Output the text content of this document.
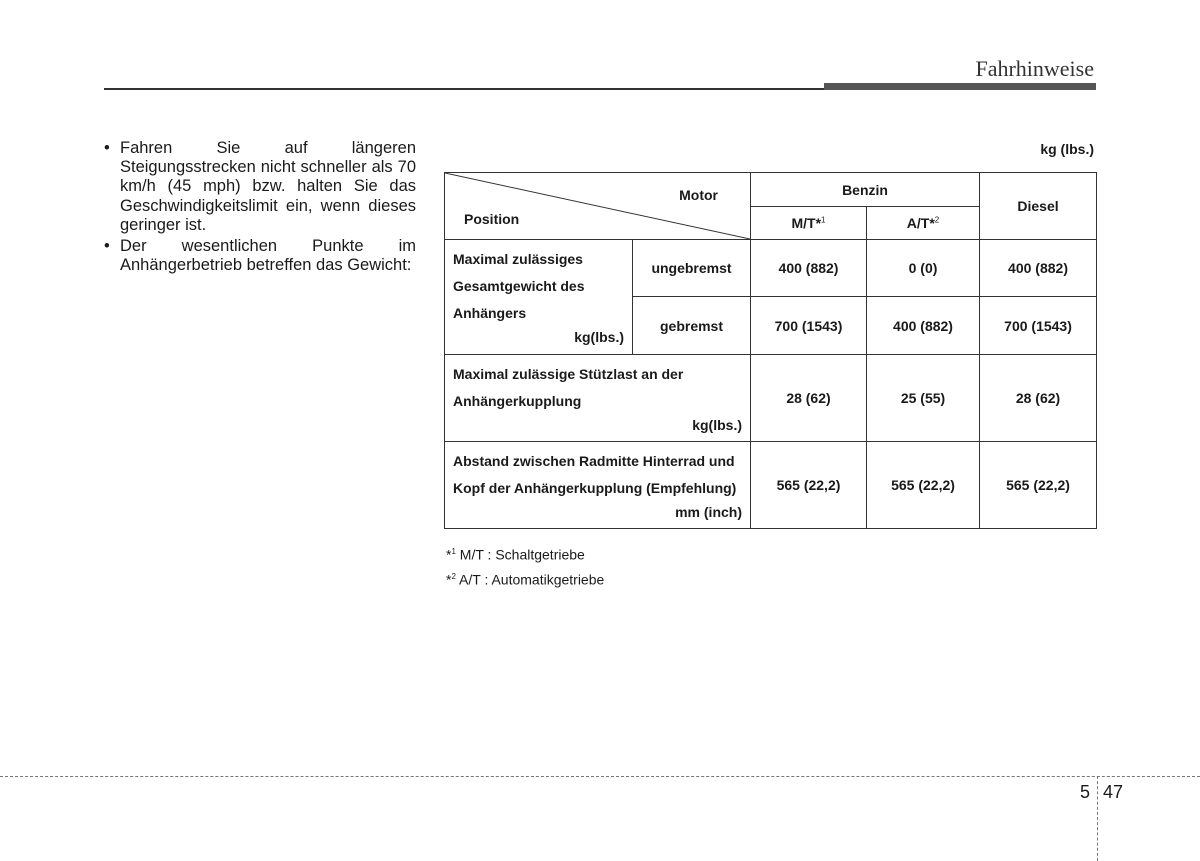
Fahrhinweise
• Fahren Sie auf längeren Steigungsstrecken nicht schneller als 70 km/h (45 mph) bzw. halten Sie das Geschwindigkeitslimit ein, wenn dieses geringer ist.
• Der wesentlichen Punkte im Anhängerbetrieb betreffen das Gewicht:
kg (lbs.)
Motor
Position		Benzin		Diesel
		M/T*$^1$	A/T*$^2$

Maximal zulässiges
Gesamtgewicht des
Anhängers
kg(lbs.)	ungebremst	400 (882)	0 (0)	400 (882)
	gebremst	700 (1543)	400 (882)	700 (1543)

Maximal zulässige Stützlast an der
Anhängerkupplung
kg(lbs.)		28 (62)	25 (55)	28 (62)

Abstand zwischen Radmitte Hinterrad und
Kopf der Anhängerkupplung (Empfehlung)
mm (inch)		565 (22,2)	565 (22,2)	565 (22,2)
*$^1$ M/T : Schaltgetriebe
*$^2$ A/T : Automatikgetriebe
5 47
